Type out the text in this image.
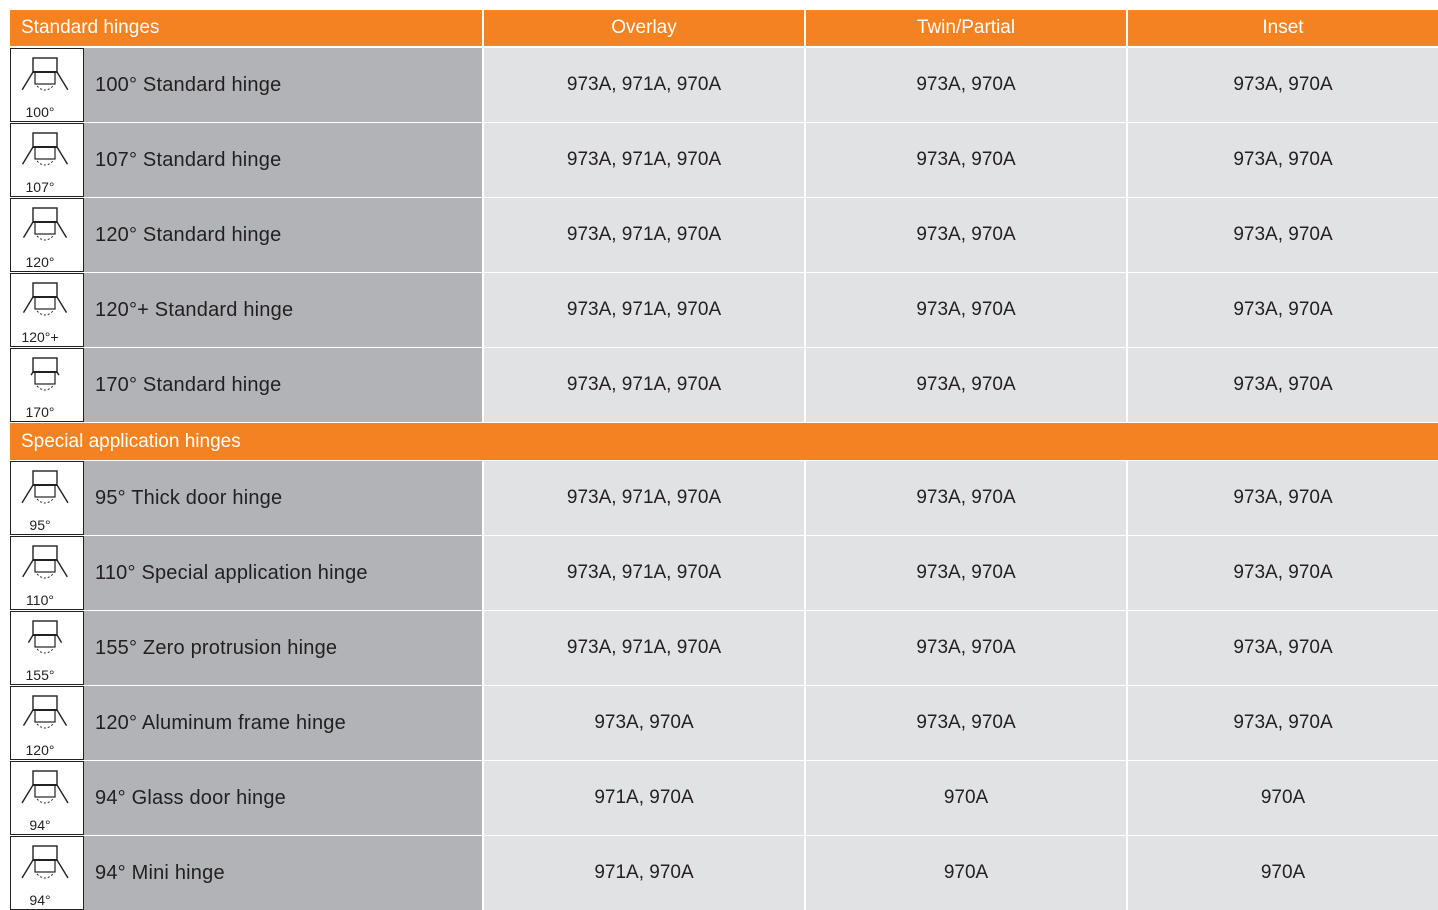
Standard hinges	Overlay	Twin/Partial	Inset
100°
100° Standard hinge	973A, 971A, 970A	973A, 970A	973A, 970A
107°
107° Standard hinge	973A, 971A, 970A	973A, 970A	973A, 970A
120°
120° Standard hinge	973A, 971A, 970A	973A, 970A	973A, 970A
120°+
120°+ Standard hinge	973A, 971A, 970A	973A, 970A	973A, 970A
170°
170° Standard hinge	973A, 971A, 970A	973A, 970A	973A, 970A
Special application hinges
95°
95° Thick door hinge	973A, 971A, 970A	973A, 970A	973A, 970A
110°
110° Special application hinge	973A, 971A, 970A	973A, 970A	973A, 970A
155°
155° Zero protrusion hinge	973A, 971A, 970A	973A, 970A	973A, 970A
120°
120° Aluminum frame hinge	973A, 970A	973A, 970A	973A, 970A
94°
94° Glass door hinge	971A, 970A	970A	970A
94°
94° Mini hinge	971A, 970A	970A	970A
